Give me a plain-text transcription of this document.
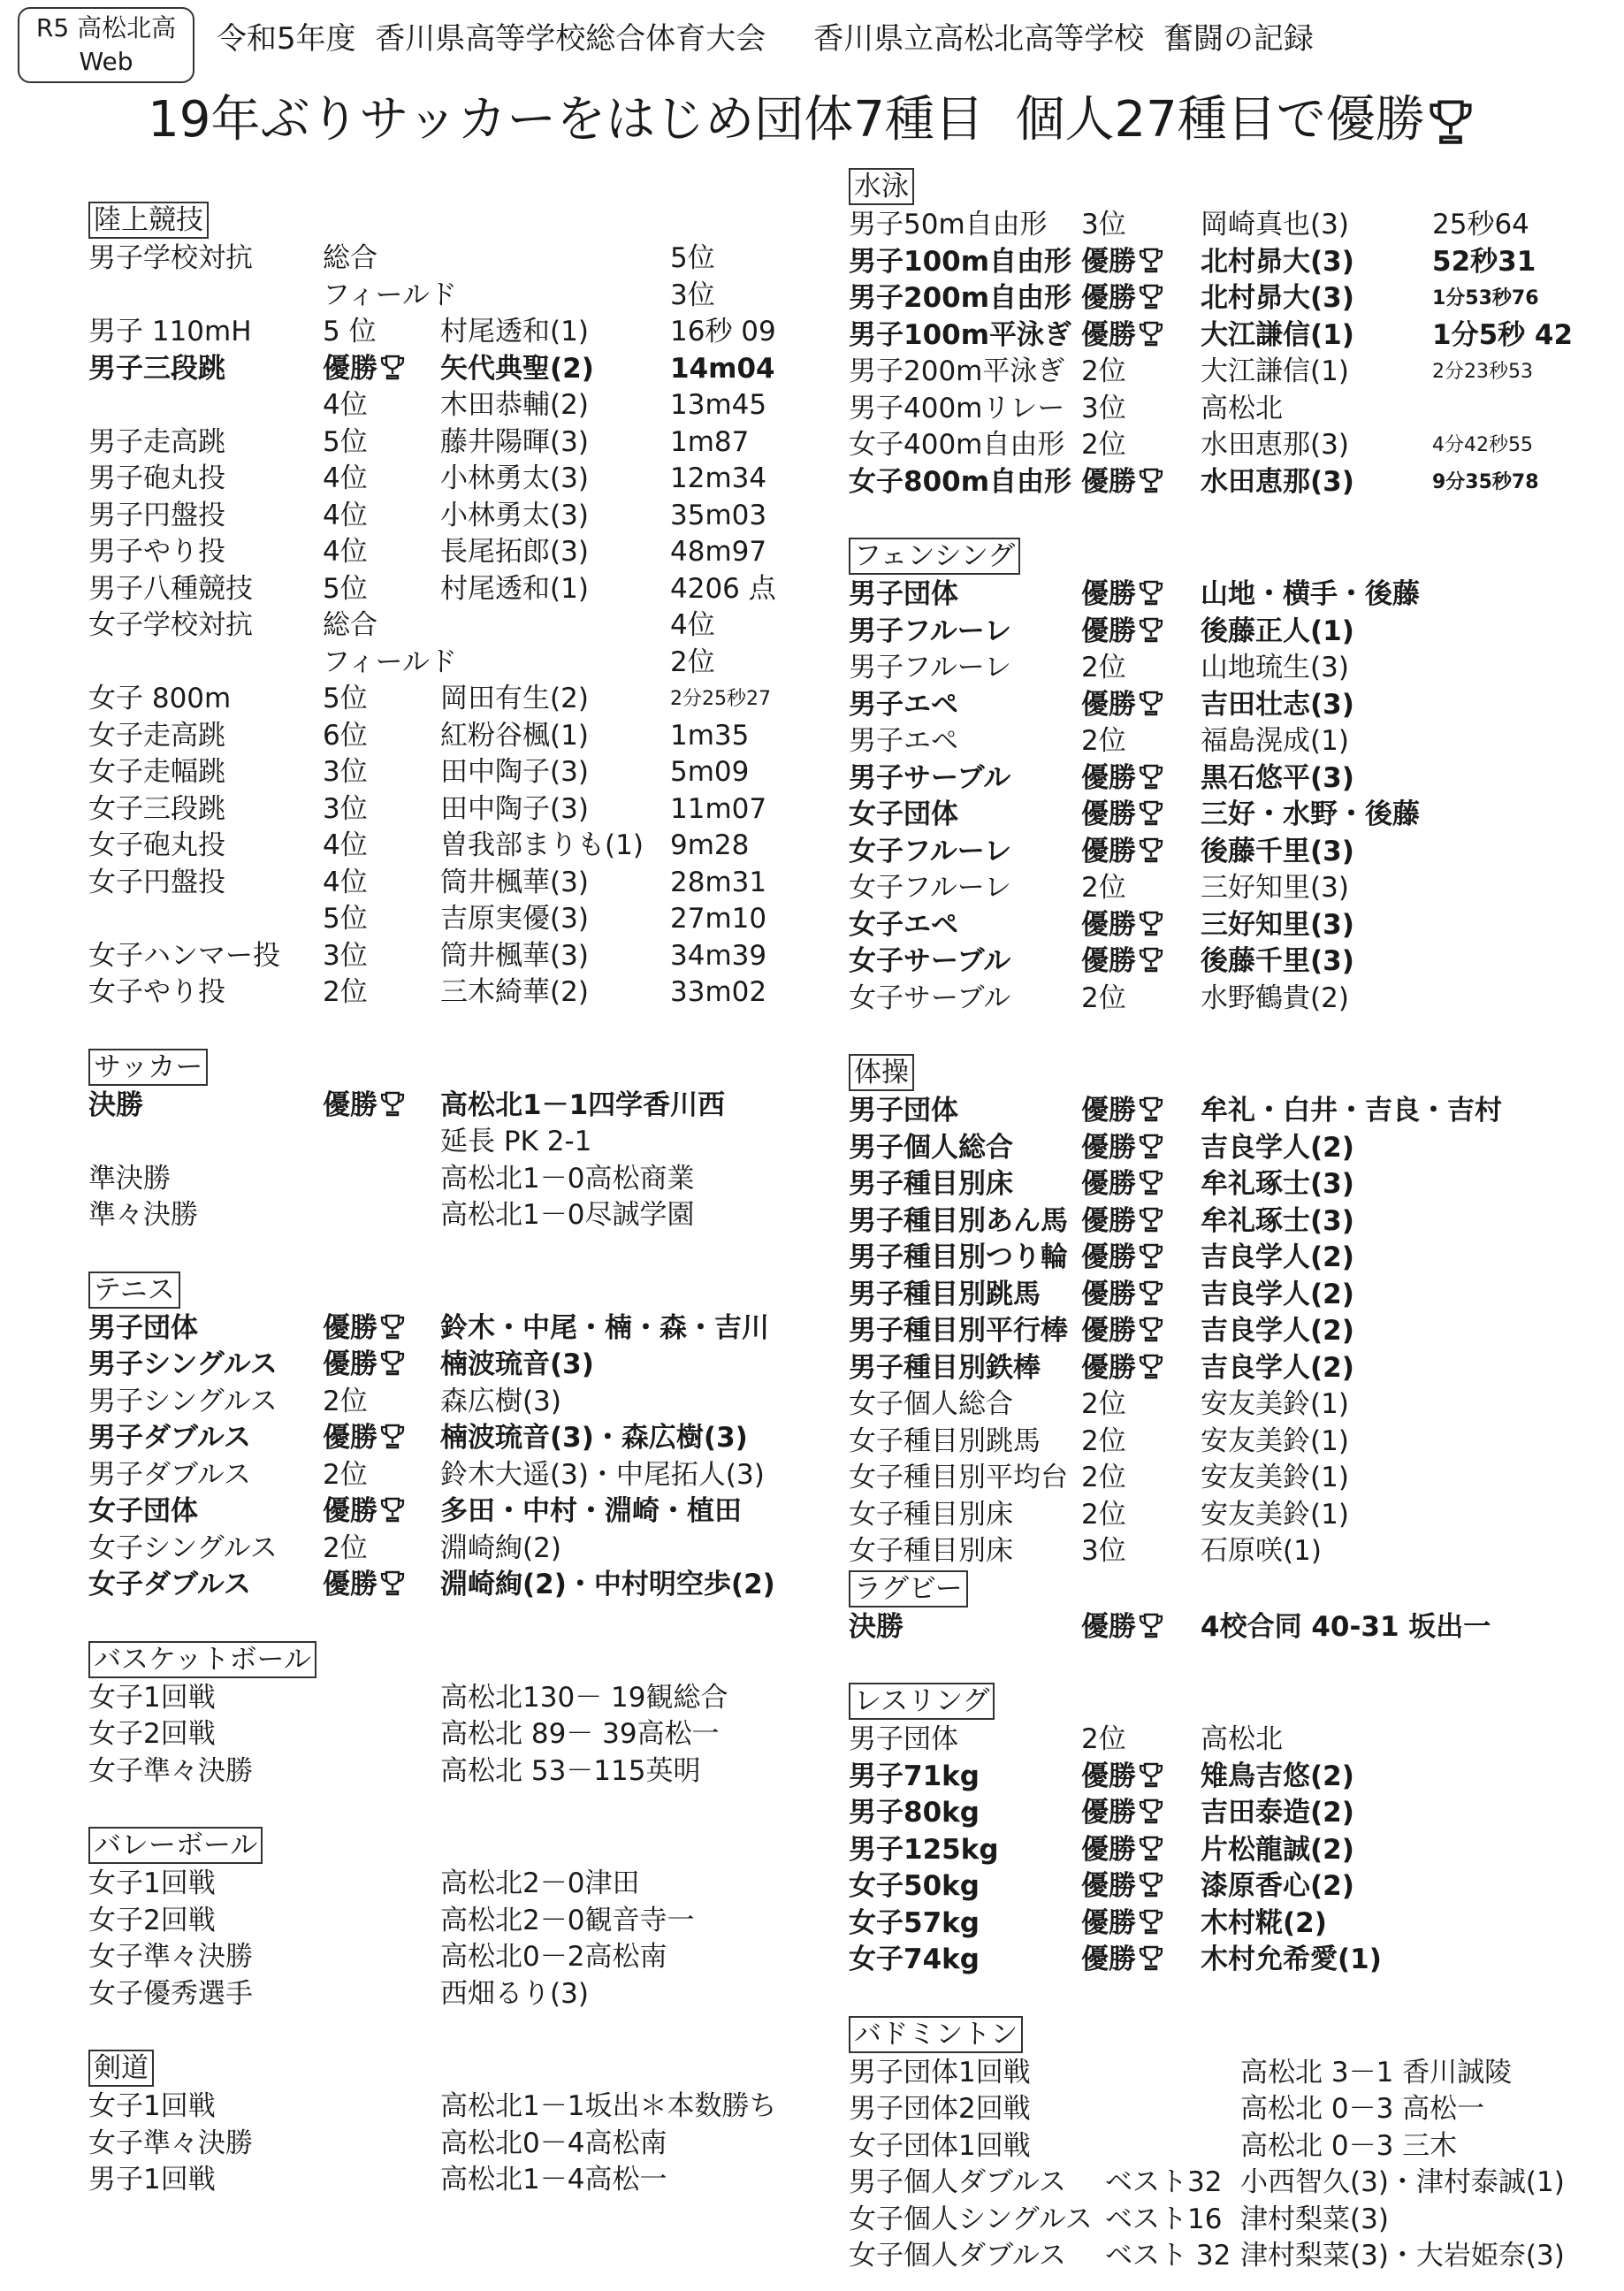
R5 高松北高
Web
令和5年度  香川県高等学校総合体育大会     香川県立高松北高等学校  奮闘の記録
19年ぶりサッカーをはじめ団体7種目  個人27種目で優勝
陸上競技
男子学校対抗	総合	5位
フィールド	3位
男子 110mH	5 位 村尾透和(1)	16秒 09
男子三段跳	優勝	矢代典聖(2)	14m04
4位	木田恭輔(2)	13m45
男子走高跳	5位	藤井陽暉(3)	1m87
男子砲丸投	4位	小林勇太(3)	12m34
男子円盤投	4位	小林勇太(3)	35m03
男子やり投	4位	長尾拓郎(3)	48m97
男子八種競技	5位	村尾透和(1)	4206 点
女子学校対抗	総合	4位
フィールド	2位
女子 800m	5位	岡田有生(2)	2分25秒27
女子走高跳	6位	紅粉谷楓(1)	1m35
女子走幅跳	3位	田中陶子(3)	5m09
女子三段跳	3位	田中陶子(3)	11m07
女子砲丸投	4位	曽我部まりも(1) 9m28
女子円盤投	4位	筒井楓華(3)	28m31
5位	吉原実優(3)	27m10
女子ハンマー投 3位	筒井楓華(3)	34m39
女子やり投	2位	三木綺華(2)	33m02
サッカー
決勝	優勝	高松北1－1四学香川西
延長 PK 2-1
準決勝	高松北1－0高松商業
準々決勝	高松北1－0尽誠学園
テニス
男子団体	優勝	鈴木・中尾・楠・森・吉川
男子シングルス 優勝	楠波琉音(3)
男子シングルス 2位	森広樹(3)
男子ダブルス	優勝	楠波琉音(3)・森広樹(3)
男子ダブルス	2位	鈴木大遥(3)・中尾拓人(3)
女子団体	優勝	多田・中村・淵崎・植田
女子シングルス 2位	淵崎絢(2)
女子ダブルス	優勝	淵崎絢(2)・中村明空歩(2)
バスケットボール
女子1回戦	高松北130－ 19観総合
女子2回戦	高松北 89－ 39高松一
女子準々決勝	高松北 53－115英明
バレーボール
女子1回戦	高松北2－0津田
女子2回戦	高松北2－0観音寺一
女子準々決勝	高松北0－2高松南
女子優秀選手	西畑るり(3)
剣道
女子1回戦	高松北1－1坂出＊本数勝ち
女子準々決勝	高松北0－4高松南
男子1回戦	高松北1－4高松一
水泳
男子50m自由形 3位	岡崎真也(3)	25秒64
男子100m自由形 優勝	北村昴大(3)	52秒31
男子200m自由形 優勝	北村昴大(3)	1分53秒76
男子100m平泳ぎ 優勝	大江謙信(1)	1分5秒 42
男子200m平泳ぎ 2位	大江謙信(1)	2分23秒53
男子400mリレー 3位	高松北
女子400m自由形 2位	水田恵那(3)	4分42秒55
女子800m自由形 優勝	水田恵那(3)	9分35秒78
フェンシング
男子団体	優勝	山地・横手・後藤
男子フルーレ	優勝	後藤正人(1)
男子フルーレ	2位	山地琉生(3)
男子エペ	優勝	吉田壮志(3)
男子エペ	2位	福島滉成(1)
男子サーブル	優勝	黒石悠平(3)
女子団体	優勝	三好・水野・後藤
女子フルーレ	優勝	後藤千里(3)
女子フルーレ	2位	三好知里(3)
女子エペ	優勝	三好知里(3)
女子サーブル	優勝	後藤千里(3)
女子サーブル	2位	水野鶴貴(2)
体操
男子団体	優勝	牟礼・白井・吉良・吉村
男子個人総合 優勝	吉良学人(2)
男子種目別床 優勝	牟礼琢士(3)
男子種目別あん馬 優勝	牟礼琢士(3)
男子種目別つり輪 優勝	吉良学人(2)
男子種目別跳馬 優勝	吉良学人(2)
男子種目別平行棒 優勝	吉良学人(2)
男子種目別鉄棒 優勝	吉良学人(2)
女子個人総合 2位	安友美鈴(1)
女子種目別跳馬 2位	安友美鈴(1)
女子種目別平均台 2位	安友美鈴(1)
女子種目別床 2位	安友美鈴(1)
女子種目別床 3位	石原咲(1)
ラグビー
決勝	優勝	4校合同 40-31 坂出一
レスリング
男子団体	2位	高松北
男子71kg	優勝	雉鳥吉悠(2)
男子80kg	優勝	吉田泰造(2)
男子125kg	優勝	片松龍誠(2)
女子50kg	優勝	漆原香心(2)
女子57kg	優勝	木村糀(2)
女子74kg	優勝	木村允希愛(1)
バドミントン
男子団体1回戦	高松北 3－1 香川誠陵
男子団体2回戦	高松北 0－3 高松一
女子団体1回戦	高松北 0－3 三木
男子個人ダブルス ベスト32 小西智久(3)・津村泰誠(1)
女子個人シングルス ベスト16 津村梨菜(3)
女子個人ダブルス ベスト 32 津村梨菜(3)・大岩姫奈(3)
